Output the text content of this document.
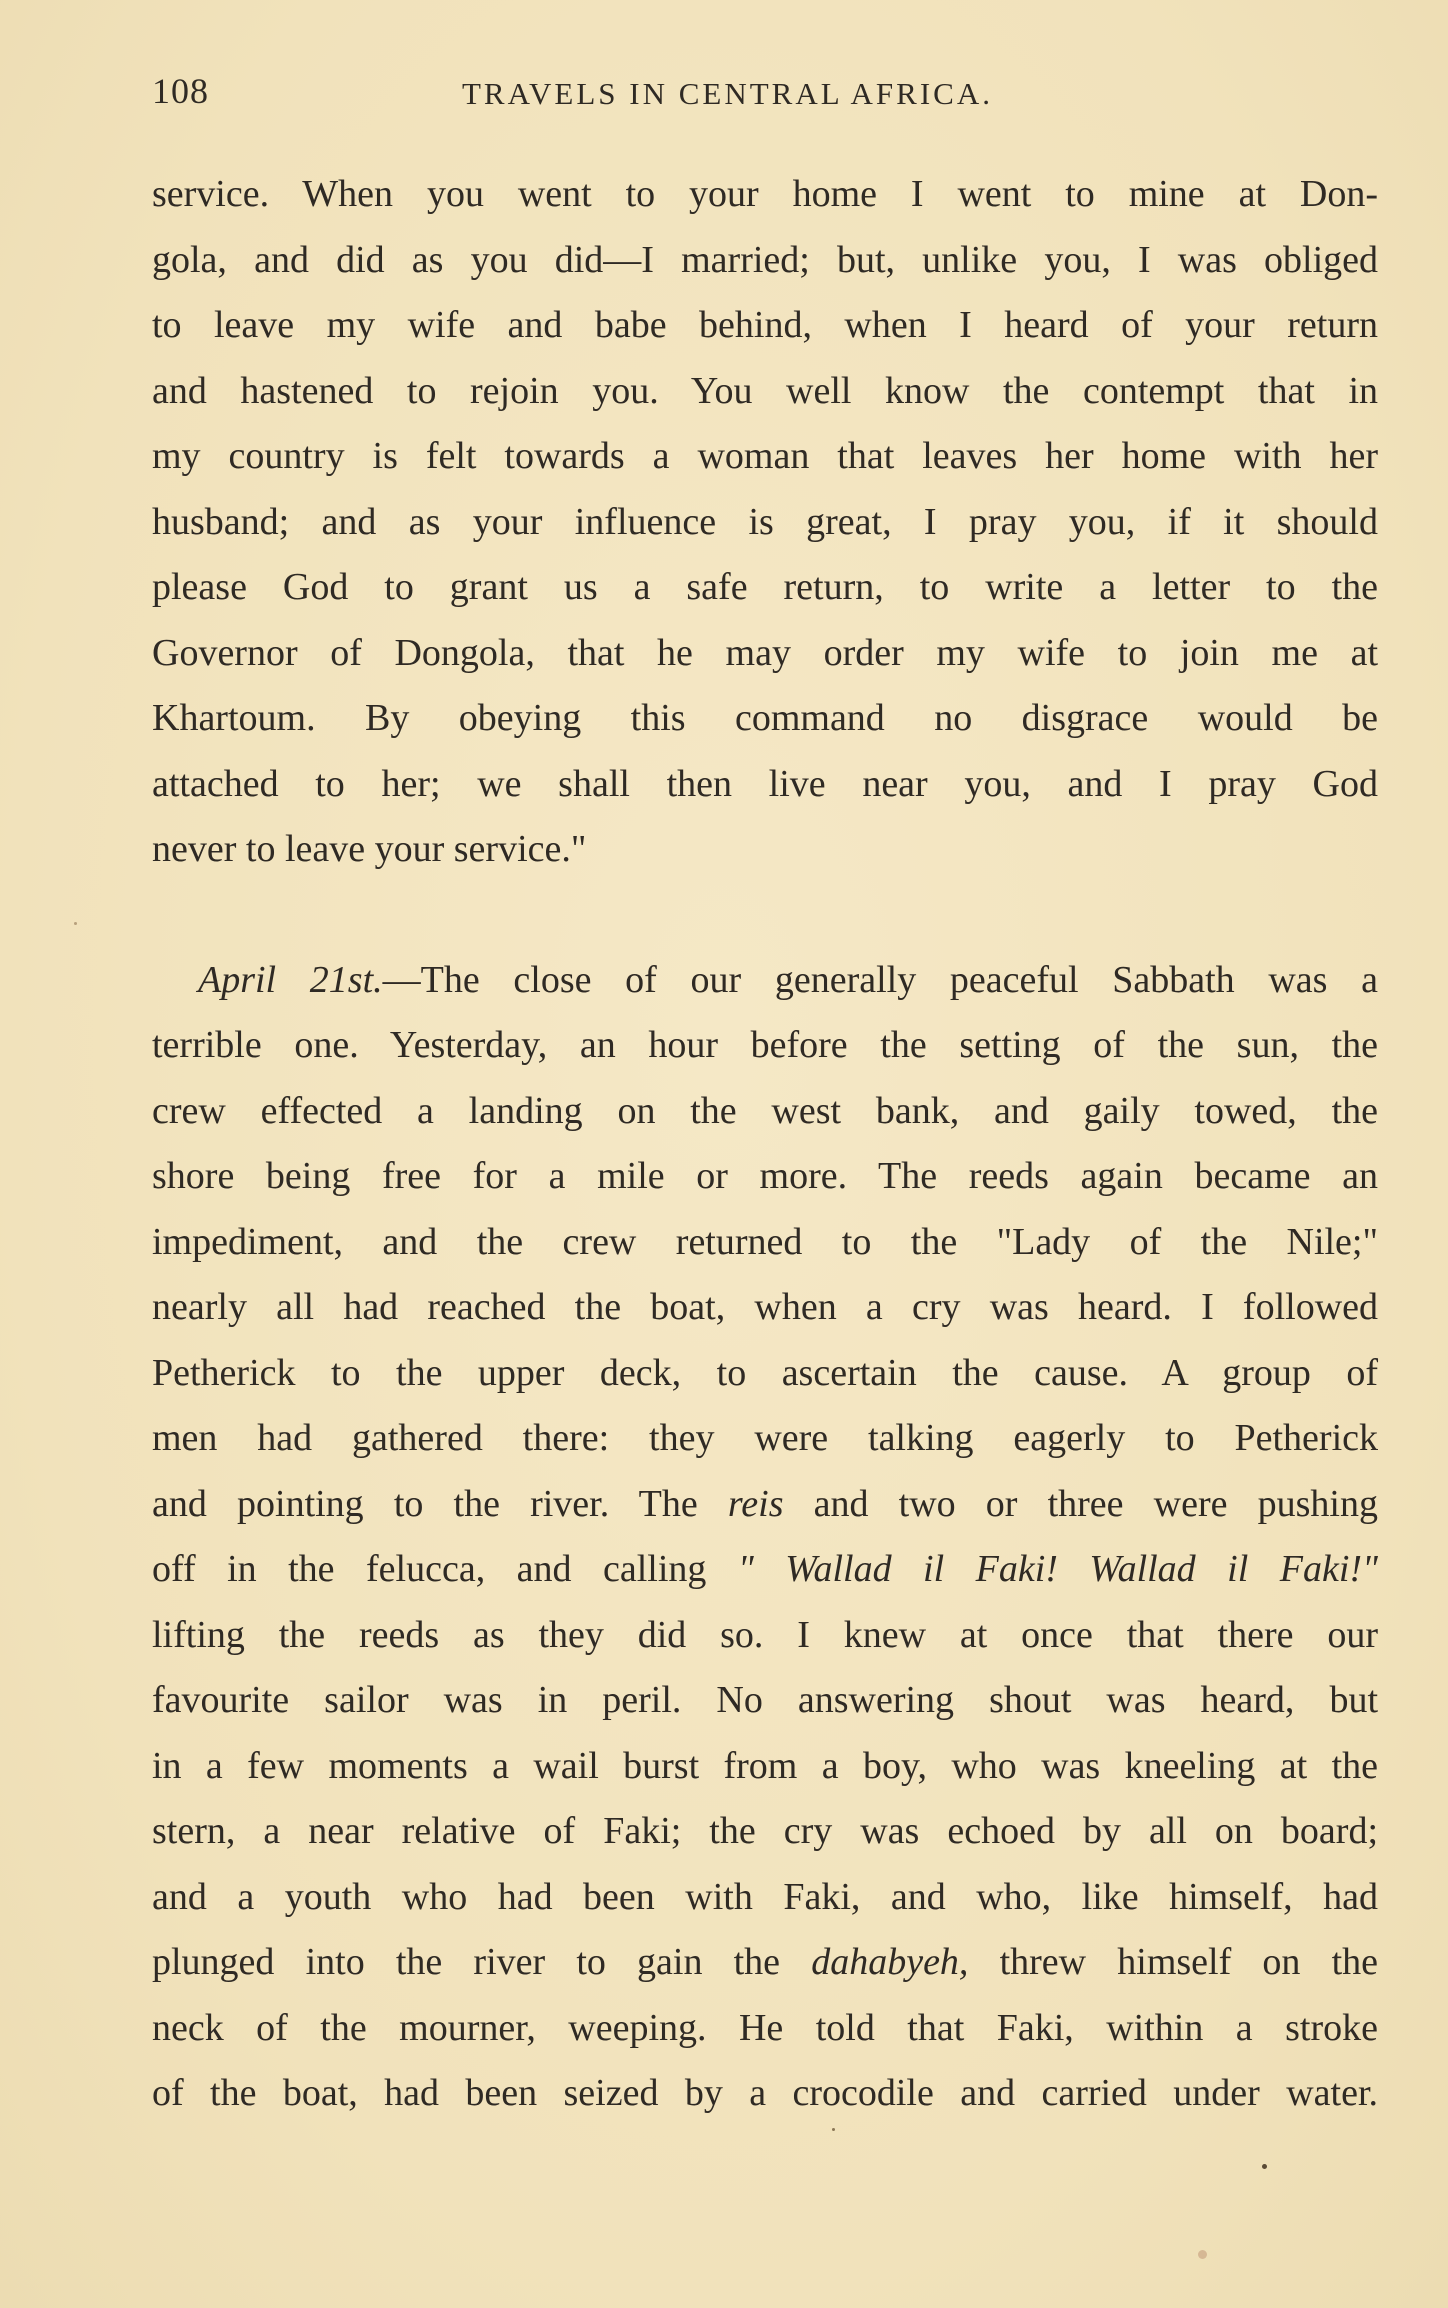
108	TRAVELS IN CENTRAL AFRICA.
service. When you went to your home I went to mine at Don-
gola, and did as you did—I married; but, unlike you, I was obliged
to leave my wife and babe behind, when I heard of your return
and hastened to rejoin you. You well know the contempt that in
my country is felt towards a woman that leaves her home with her
husband; and as your influence is great, I pray you, if it should
please God to grant us a safe return, to write a letter to the
Governor of Dongola, that he may order my wife to join me at
Khartoum. By obeying this command no disgrace would be
attached to her; we shall then live near you, and I pray God
never to leave your service."
April 21st.—The close of our generally peaceful Sabbath was a
terrible one. Yesterday, an hour before the setting of the sun, the
crew effected a landing on the west bank, and gaily towed, the
shore being free for a mile or more. The reeds again became an
impediment, and the crew returned to the "Lady of the Nile;"
nearly all had reached the boat, when a cry was heard. I followed
Petherick to the upper deck, to ascertain the cause. A group of
men had gathered there: they were talking eagerly to Petherick
and pointing to the river. The reis and two or three were pushing
off in the felucca, and calling " Wallad il Faki! Wallad il Faki!"
lifting the reeds as they did so. I knew at once that there our
favourite sailor was in peril. No answering shout was heard, but
in a few moments a wail burst from a boy, who was kneeling at the
stern, a near relative of Faki; the cry was echoed by all on board;
and a youth who had been with Faki, and who, like himself, had
plunged into the river to gain the dahabyeh, threw himself on the
neck of the mourner, weeping. He told that Faki, within a stroke
of the boat, had been seized by a crocodile and carried under water.
